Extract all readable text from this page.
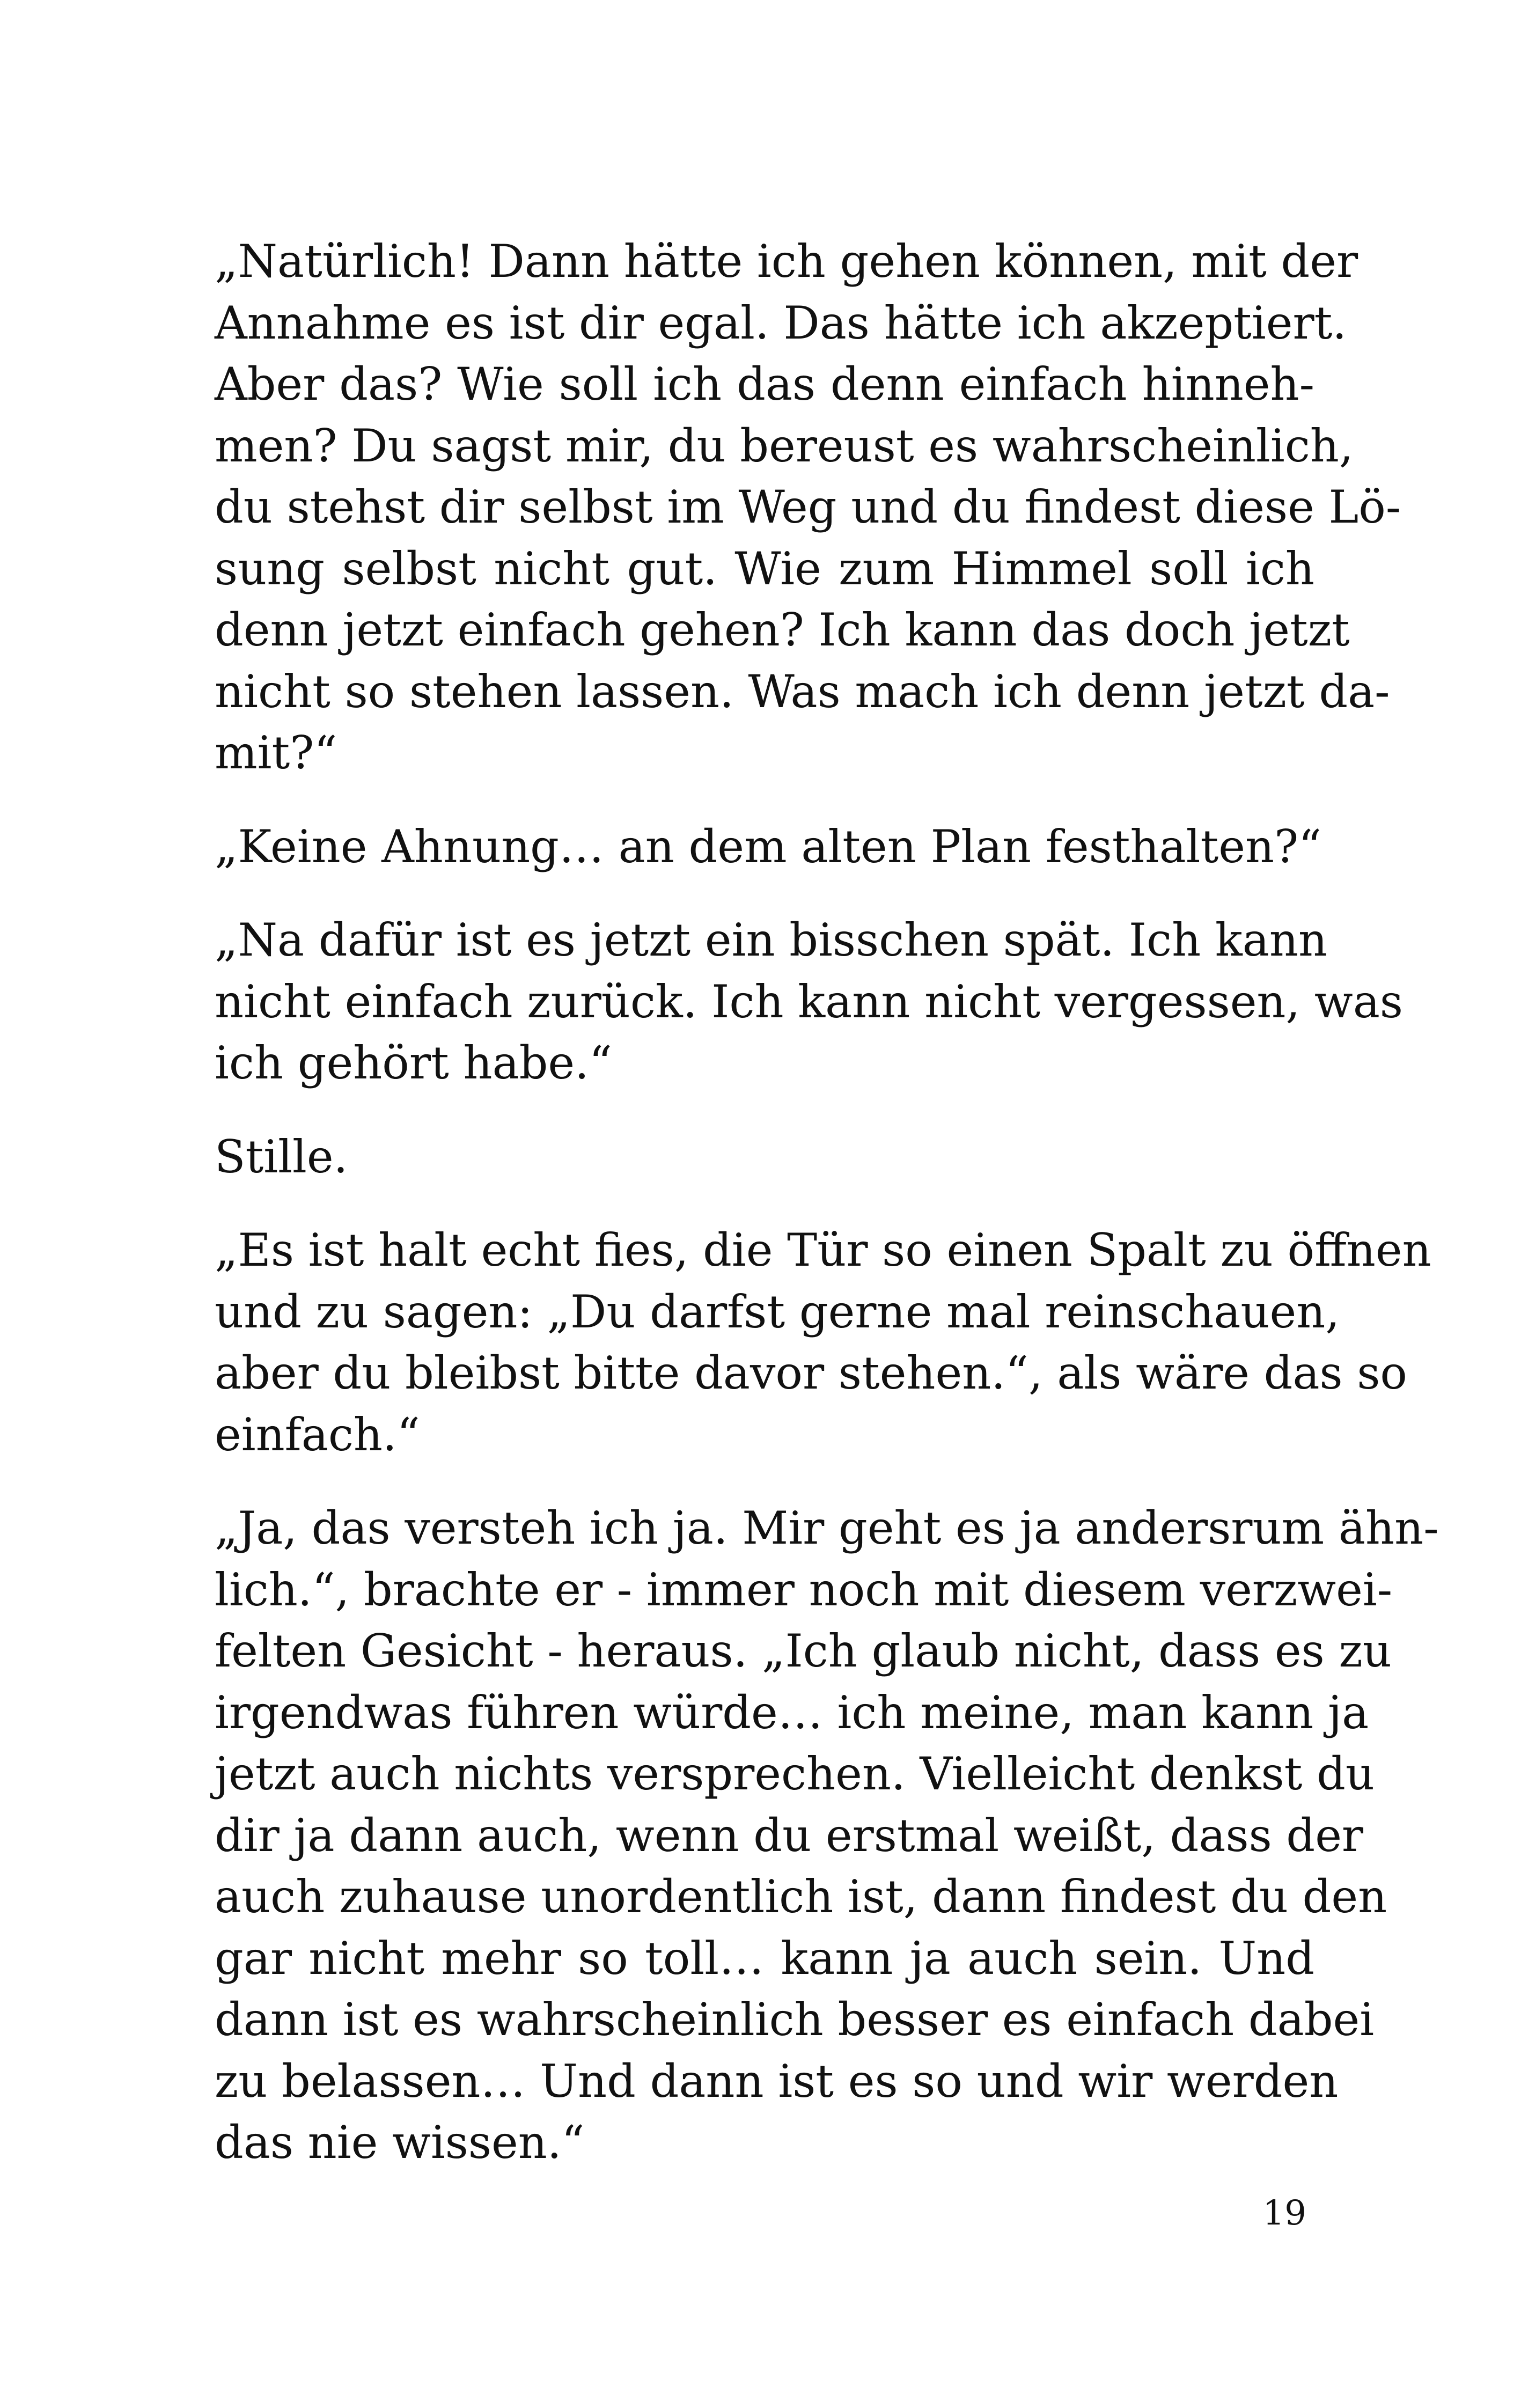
„Natürlich! Dann hätte ich gehen können, mit der
Annahme es ist dir egal. Das hätte ich akzeptiert.
Aber das? Wie soll ich das denn einfach hinneh-
men? Du sagst mir, du bereust es wahrscheinlich,
du stehst dir selbst im Weg und du findest diese Lö-
sung selbst nicht gut. Wie zum Himmel soll ich
denn jetzt einfach gehen? Ich kann das doch jetzt
nicht so stehen lassen. Was mach ich denn jetzt da-
mit?“

„Keine Ahnung… an dem alten Plan festhalten?“

„Na dafür ist es jetzt ein bisschen spät. Ich kann
nicht einfach zurück. Ich kann nicht vergessen, was
ich gehört habe.“

Stille.

„Es ist halt echt fies, die Tür so einen Spalt zu öffnen
und zu sagen: „Du darfst gerne mal reinschauen,
aber du bleibst bitte davor stehen.“, als wäre das so
einfach.“

„Ja, das versteh ich ja. Mir geht es ja andersrum ähn-
lich.“, brachte er - immer noch mit diesem verzwei-
felten Gesicht - heraus. „Ich glaub nicht, dass es zu
irgendwas führen würde… ich meine, man kann ja
jetzt auch nichts versprechen. Vielleicht denkst du
dir ja dann auch, wenn du erstmal weißt, dass der
auch zuhause unordentlich ist, dann findest du den
gar nicht mehr so toll… kann ja auch sein. Und
dann ist es wahrscheinlich besser es einfach dabei
zu belassen… Und dann ist es so und wir werden
das nie wissen.“

19
